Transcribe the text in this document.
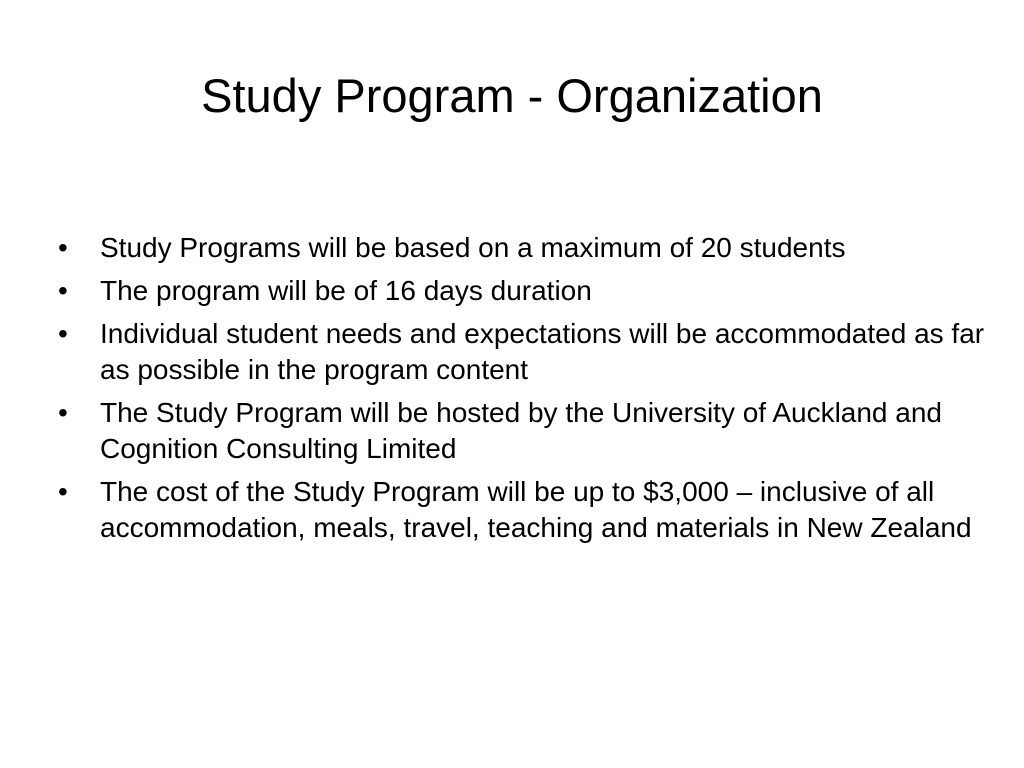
Study Program - Organization
•	Study Programs will be based on a maximum of 20 students
•	The program will be of 16 days duration
•	Individual student needs and expectations will be accommodated as far as possible in the program content
•	The Study Program will be hosted by the University of Auckland and Cognition Consulting Limited
•	The cost of the Study Program will be up to $3,000 – inclusive of all accommodation, meals, travel, teaching and materials in New Zealand
